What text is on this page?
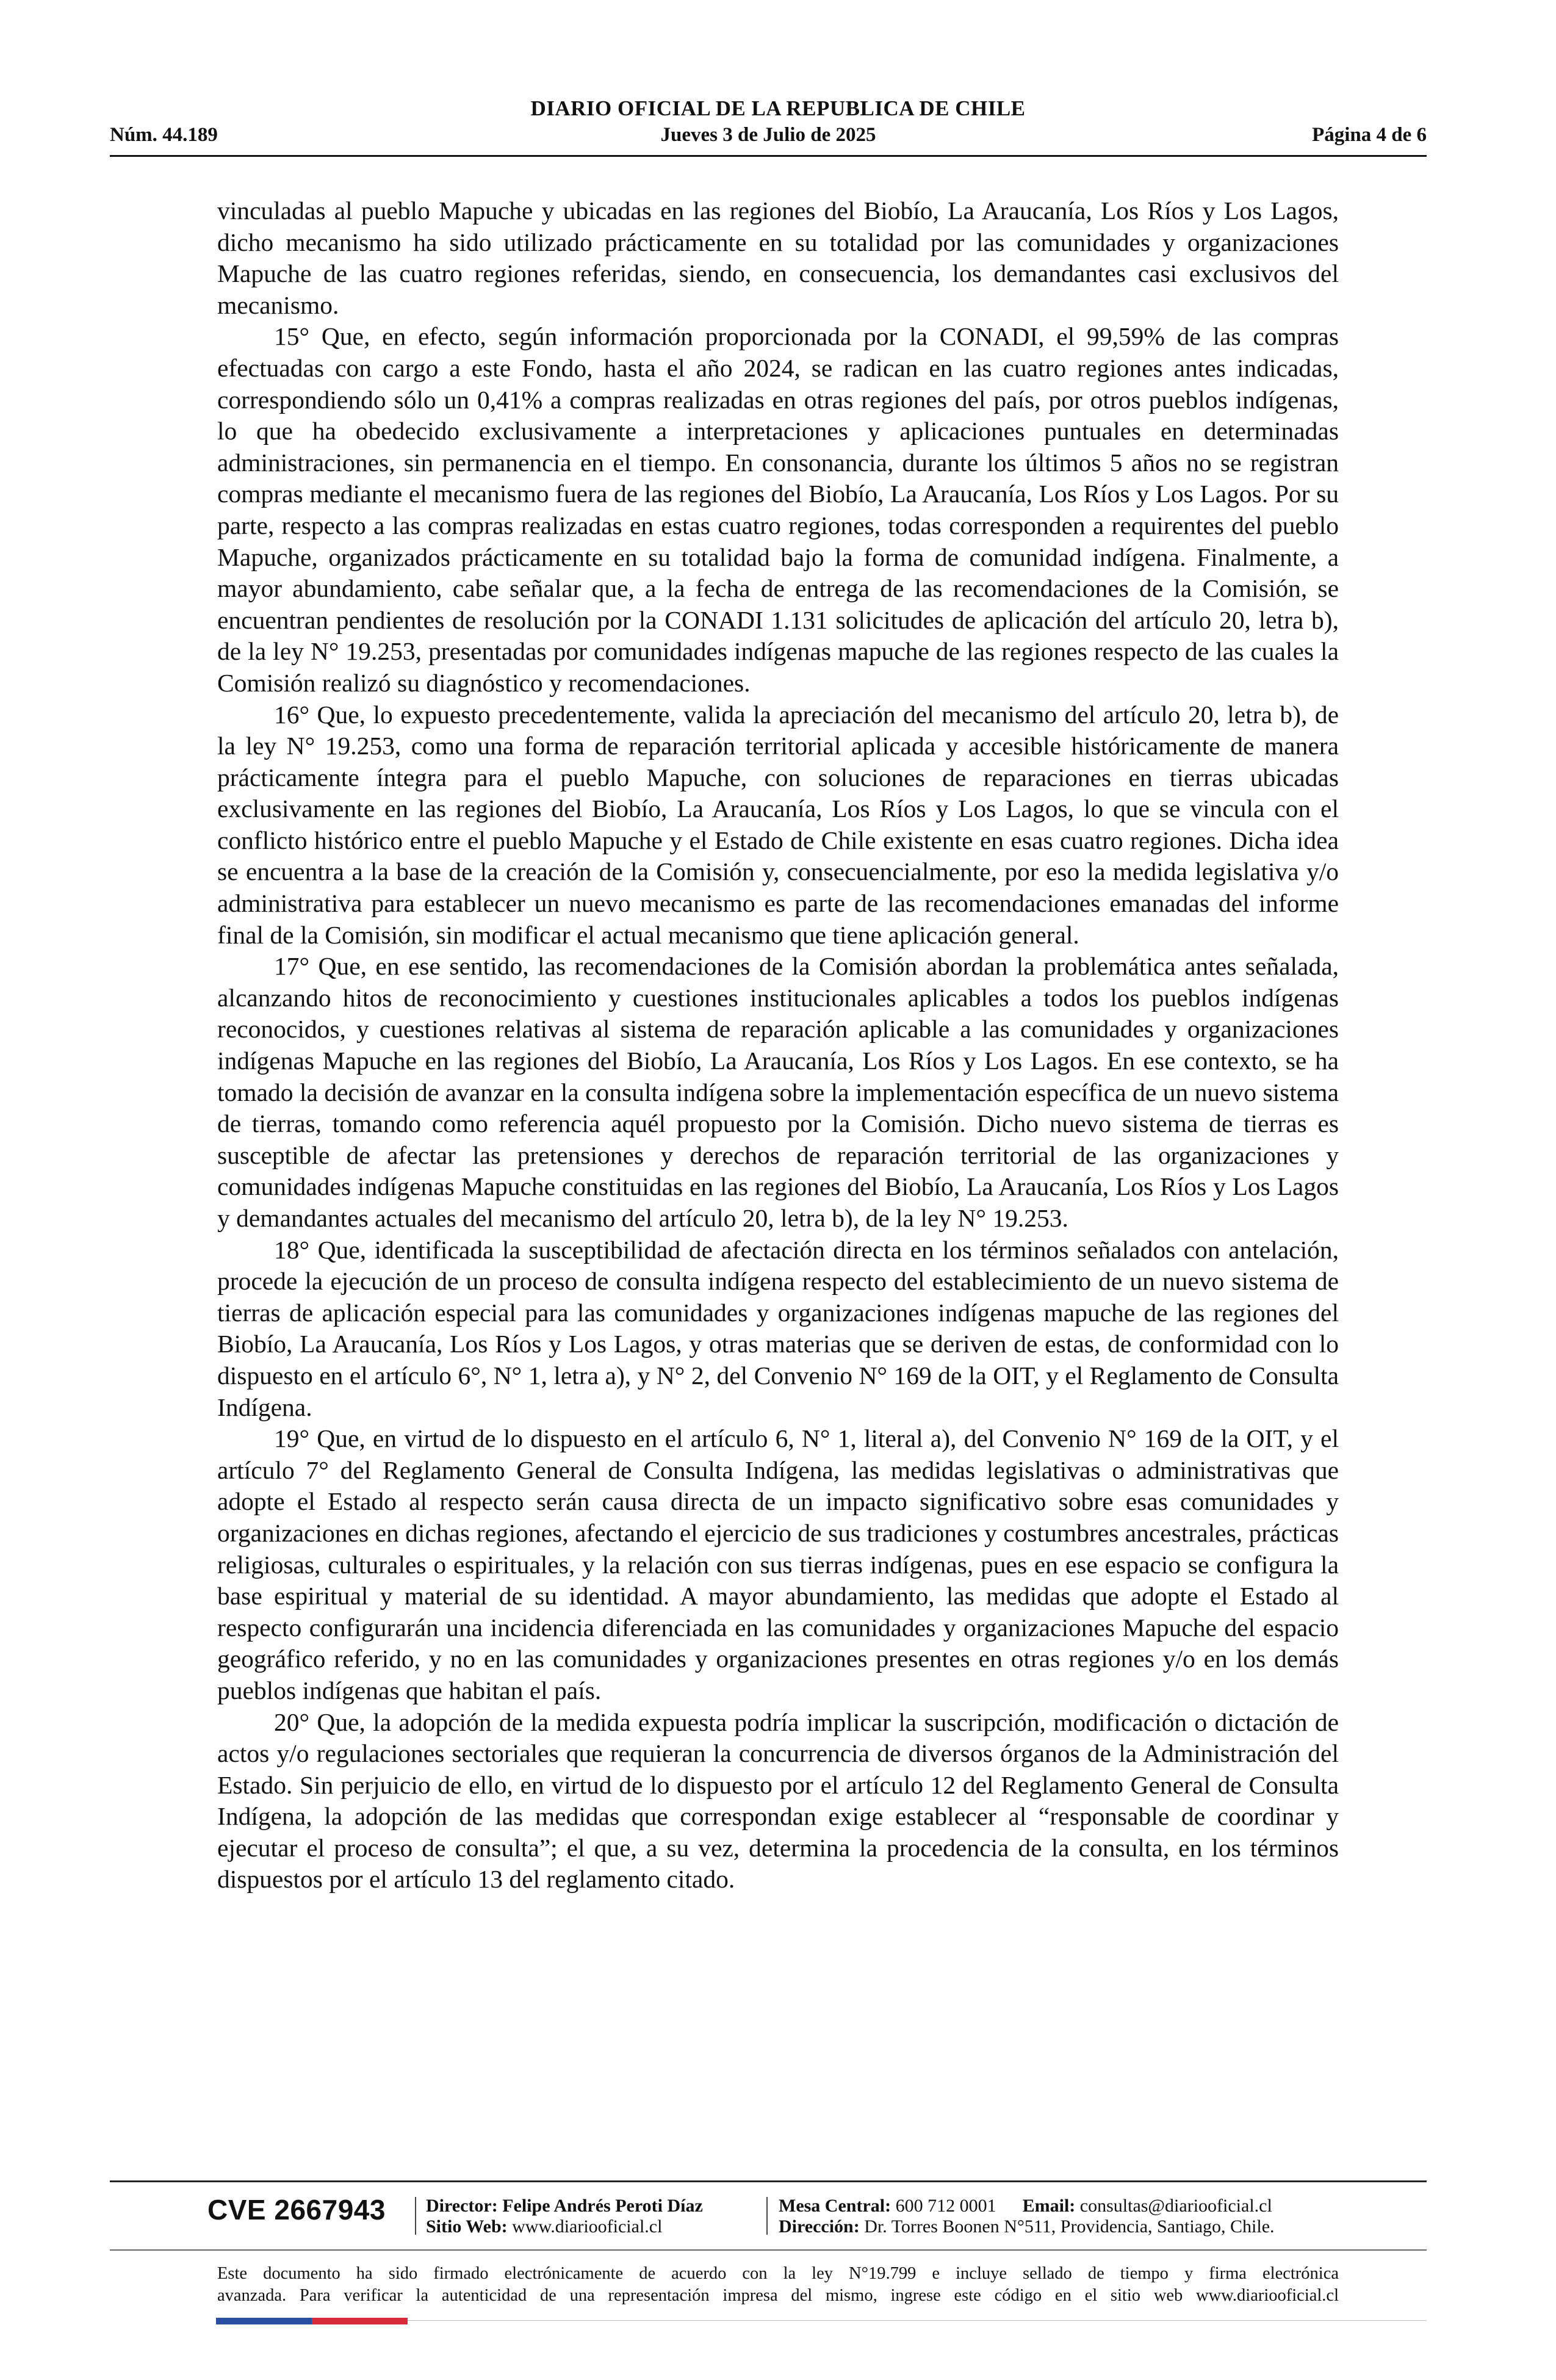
DIARIO OFICIAL DE LA REPUBLICA DE CHILE
Núm. 44.189	Jueves 3 de Julio de 2025	Página 4 de 6

vinculadas al pueblo Mapuche y ubicadas en las regiones del Biobío, La Araucanía, Los Ríos y Los Lagos, dicho mecanismo ha sido utilizado prácticamente en su totalidad por las comunidades y organizaciones Mapuche de las cuatro regiones referidas, siendo, en consecuencia, los demandantes casi exclusivos del mecanismo.

15° Que, en efecto, según información proporcionada por la CONADI, el 99,59% de las compras efectuadas con cargo a este Fondo, hasta el año 2024, se radican en las cuatro regiones antes indicadas, correspondiendo sólo un 0,41% a compras realizadas en otras regiones del país, por otros pueblos indígenas, lo que ha obedecido exclusivamente a interpretaciones y aplicaciones puntuales en determinadas administraciones, sin permanencia en el tiempo. En consonancia, durante los últimos 5 años no se registran compras mediante el mecanismo fuera de las regiones del Biobío, La Araucanía, Los Ríos y Los Lagos. Por su parte, respecto a las compras realizadas en estas cuatro regiones, todas corresponden a requirentes del pueblo Mapuche, organizados prácticamente en su totalidad bajo la forma de comunidad indígena. Finalmente, a mayor abundamiento, cabe señalar que, a la fecha de entrega de las recomendaciones de la Comisión, se encuentran pendientes de resolución por la CONADI 1.131 solicitudes de aplicación del artículo 20, letra b), de la ley N° 19.253, presentadas por comunidades indígenas mapuche de las regiones respecto de las cuales la Comisión realizó su diagnóstico y recomendaciones.

16° Que, lo expuesto precedentemente, valida la apreciación del mecanismo del artículo 20, letra b), de la ley N° 19.253, como una forma de reparación territorial aplicada y accesible históricamente de manera prácticamente íntegra para el pueblo Mapuche, con soluciones de reparaciones en tierras ubicadas exclusivamente en las regiones del Biobío, La Araucanía, Los Ríos y Los Lagos, lo que se vincula con el conflicto histórico entre el pueblo Mapuche y el Estado de Chile existente en esas cuatro regiones. Dicha idea se encuentra a la base de la creación de la Comisión y, consecuencialmente, por eso la medida legislativa y/o administrativa para establecer un nuevo mecanismo es parte de las recomendaciones emanadas del informe final de la Comisión, sin modificar el actual mecanismo que tiene aplicación general.

17° Que, en ese sentido, las recomendaciones de la Comisión abordan la problemática antes señalada, alcanzando hitos de reconocimiento y cuestiones institucionales aplicables a todos los pueblos indígenas reconocidos, y cuestiones relativas al sistema de reparación aplicable a las comunidades y organizaciones indígenas Mapuche en las regiones del Biobío, La Araucanía, Los Ríos y Los Lagos. En ese contexto, se ha tomado la decisión de avanzar en la consulta indígena sobre la implementación específica de un nuevo sistema de tierras, tomando como referencia aquél propuesto por la Comisión. Dicho nuevo sistema de tierras es susceptible de afectar las pretensiones y derechos de reparación territorial de las organizaciones y comunidades indígenas Mapuche constituidas en las regiones del Biobío, La Araucanía, Los Ríos y Los Lagos y demandantes actuales del mecanismo del artículo 20, letra b), de la ley N° 19.253.

18° Que, identificada la susceptibilidad de afectación directa en los términos señalados con antelación, procede la ejecución de un proceso de consulta indígena respecto del establecimiento de un nuevo sistema de tierras de aplicación especial para las comunidades y organizaciones indígenas mapuche de las regiones del Biobío, La Araucanía, Los Ríos y Los Lagos, y otras materias que se deriven de estas, de conformidad con lo dispuesto en el artículo 6°, N° 1, letra a), y N° 2, del Convenio N° 169 de la OIT, y el Reglamento de Consulta Indígena.

19° Que, en virtud de lo dispuesto en el artículo 6, N° 1, literal a), del Convenio N° 169 de la OIT, y el artículo 7° del Reglamento General de Consulta Indígena, las medidas legislativas o administrativas que adopte el Estado al respecto serán causa directa de un impacto significativo sobre esas comunidades y organizaciones en dichas regiones, afectando el ejercicio de sus tradiciones y costumbres ancestrales, prácticas religiosas, culturales o espirituales, y la relación con sus tierras indígenas, pues en ese espacio se configura la base espiritual y material de su identidad. A mayor abundamiento, las medidas que adopte el Estado al respecto configurarán una incidencia diferenciada en las comunidades y organizaciones Mapuche del espacio geográfico referido, y no en las comunidades y organizaciones presentes en otras regiones y/o en los demás pueblos indígenas que habitan el país.

20° Que, la adopción de la medida expuesta podría implicar la suscripción, modificación o dictación de actos y/o regulaciones sectoriales que requieran la concurrencia de diversos órganos de la Administración del Estado. Sin perjuicio de ello, en virtud de lo dispuesto por el artículo 12 del Reglamento General de Consulta Indígena, la adopción de las medidas que correspondan exige establecer al “responsable de coordinar y ejecutar el proceso de consulta”; el que, a su vez, determina la procedencia de la consulta, en los términos dispuestos por el artículo 13 del reglamento citado.

CVE 2667943 Director: Felipe Andrés Peroti Díaz
Sitio Web: www.diariooficial.cl
Mesa Central: 600 712 0001 Email: consultas@diariooficial.cl
Dirección: Dr. Torres Boonen N°511, Providencia, Santiago, Chile.
Este documento ha sido firmado electrónicamente de acuerdo con la ley N°19.799 e incluye sellado de tiempo y firma electrónica
avanzada. Para verificar la autenticidad de una representación impresa del mismo, ingrese este código en el sitio web www.diariooficial.cl
